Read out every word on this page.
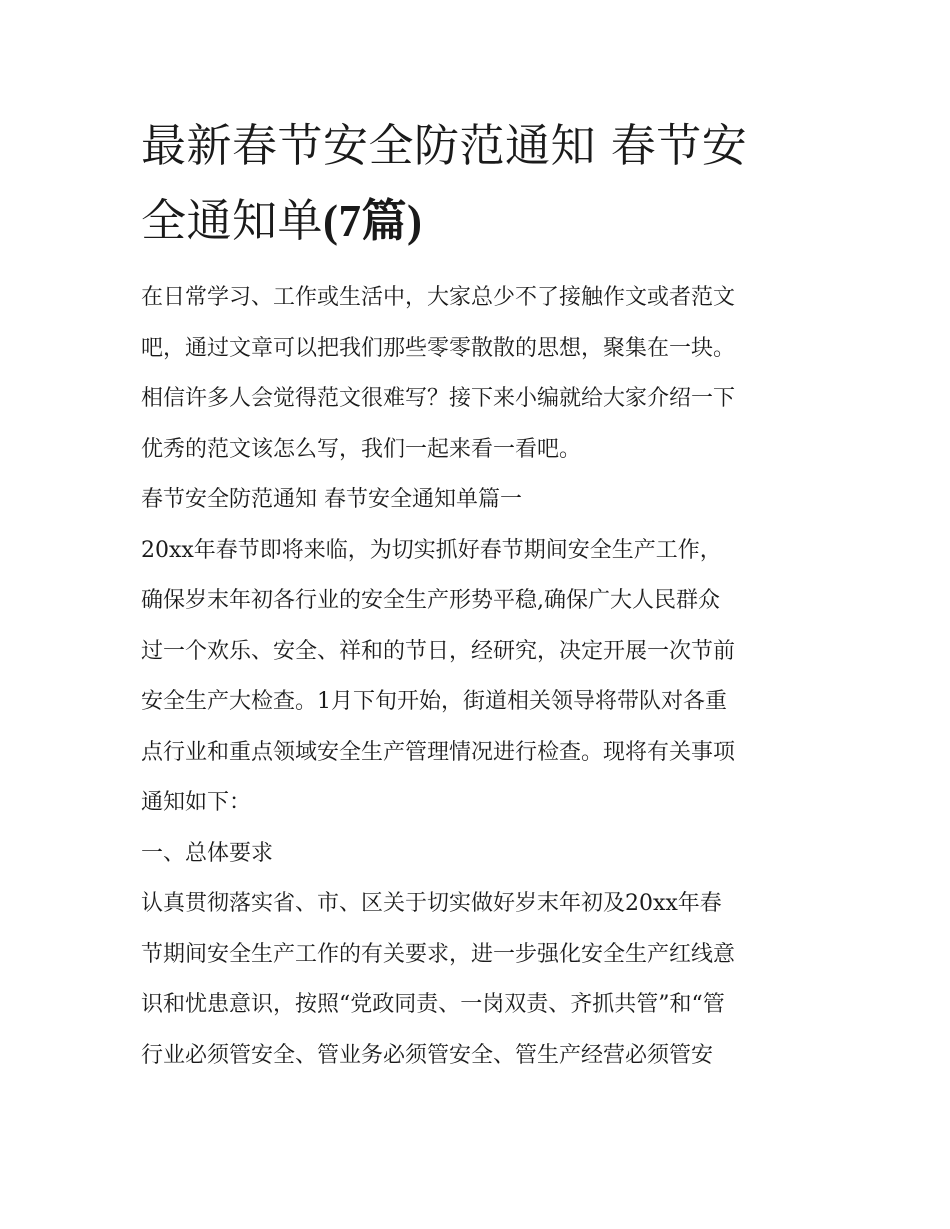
最新春节安全防范通知 春节安
全通知单(7篇)

在日常学习、工作或生活中，大家总少不了接触作文或者范文
吧，通过文章可以把我们那些零零散散的思想，聚集在一块。
相信许多人会觉得范文很难写？接下来小编就给大家介绍一下
优秀的范文该怎么写，我们一起来看一看吧。

春节安全防范通知 春节安全通知单篇一

20xx年春节即将来临，为切实抓好春节期间安全生产工作，
确保岁末年初各行业的安全生产形势平稳,确保广大人民群众
过一个欢乐、安全、祥和的节日，经研究，决定开展一次节前
安全生产大检查。1月下旬开始，街道相关领导将带队对各重
点行业和重点领域安全生产管理情况进行检查。现将有关事项
通知如下：

一、总体要求

认真贯彻落实省、市、区关于切实做好岁末年初及20xx年春
节期间安全生产工作的有关要求，进一步强化安全生产红线意
识和忧患意识，按照“党政同责、一岗双责、齐抓共管”和“管
行业必须管安全、管业务必须管安全、管生产经营必须管安
